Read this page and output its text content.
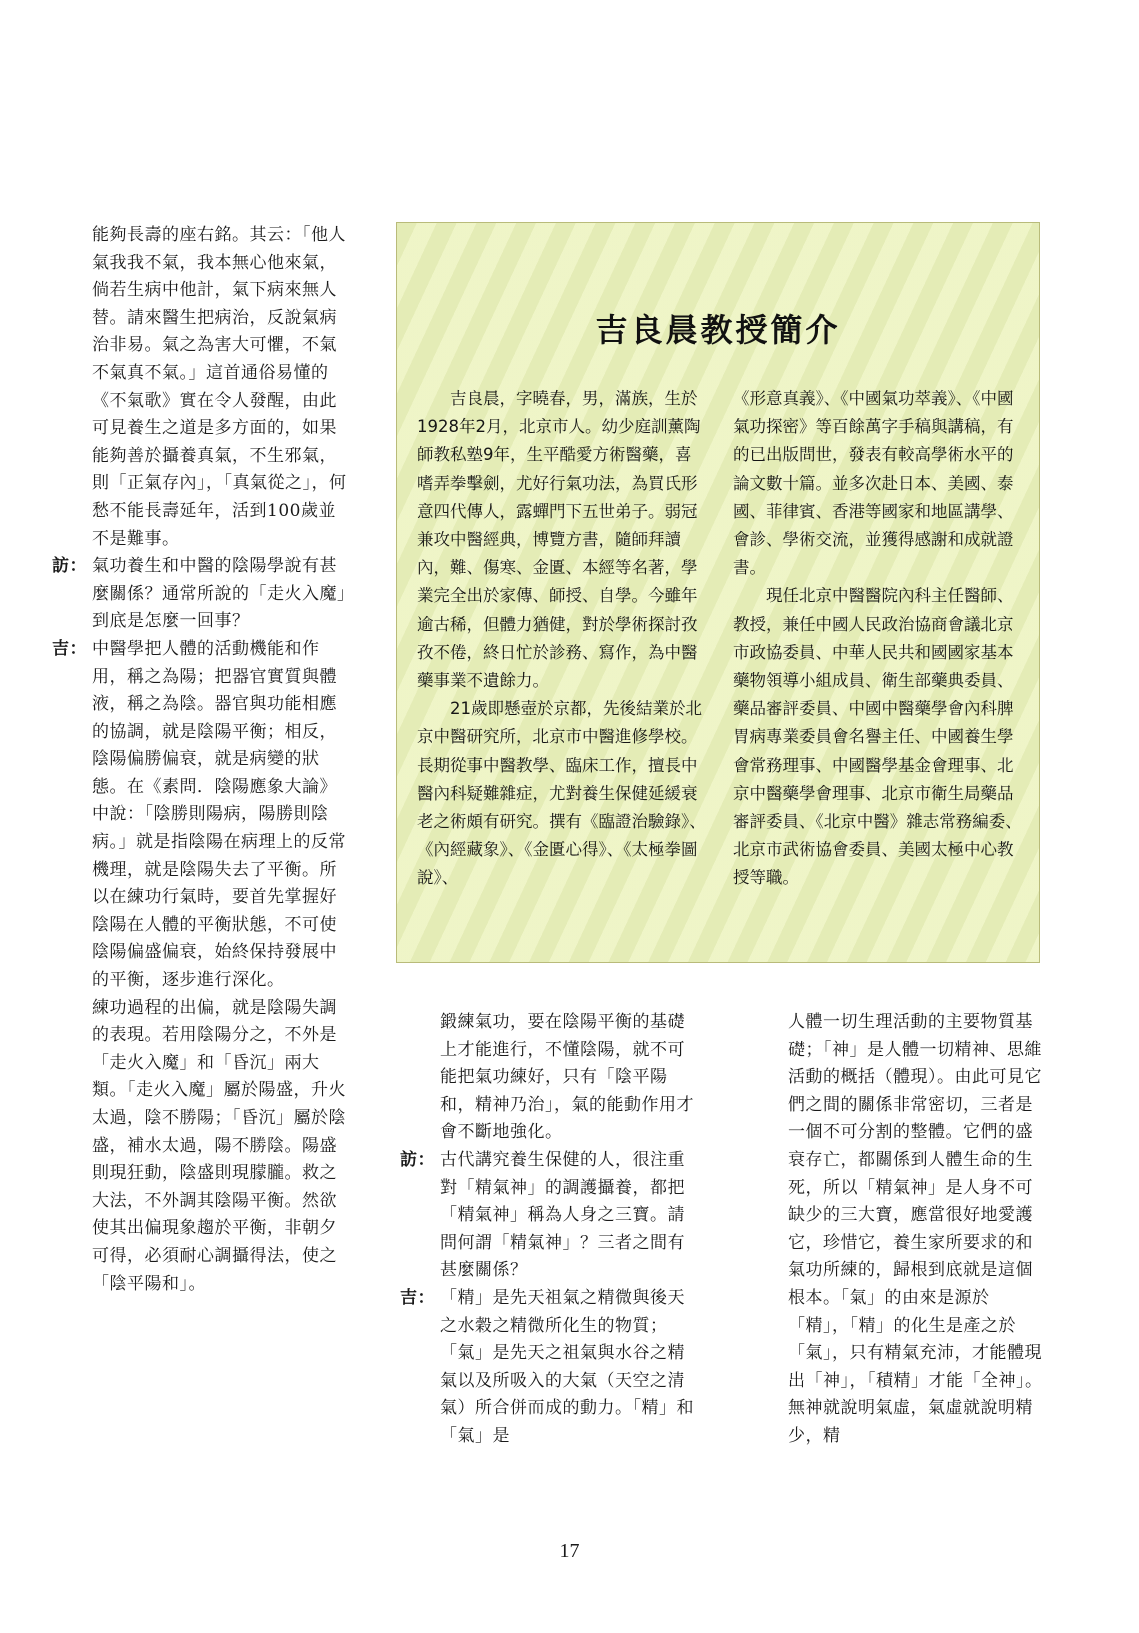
能夠長壽的座右銘。其云：「他人氣我我不氣，我本無心他來氣，倘若生病中他計，氣下病來無人替。請來醫生把病治，反說氣病治非易。氣之為害大可懼，不氣不氣真不氣。」這首通俗易懂的《不氣歌》實在令人發醒，由此可見養生之道是多方面的，如果能夠善於攝養真氣，不生邪氣，則「正氣存內」，「真氣從之」，何愁不能長壽延年，活到100歲並不是難事。

訪： 氣功養生和中醫的陰陽學說有甚麼關係？通常所說的「走火入魔」到底是怎麼一回事？

吉： 中醫學把人體的活動機能和作用，稱之為陽；把器官實質與體液，稱之為陰。器官與功能相應的協調，就是陰陽平衡；相反，陰陽偏勝偏衰，就是病變的狀態。在《素問．陰陽應象大論》中說：「陰勝則陽病，陽勝則陰病。」就是指陰陽在病理上的反常機理，就是陰陽失去了平衡。所以在練功行氣時，要首先掌握好陰陽在人體的平衡狀態，不可使陰陽偏盛偏衰，始終保持發展中的平衡，逐步進行深化。

練功過程的出偏，就是陰陽失調的表現。若用陰陽分之，不外是「走火入魔」和「昏沉」兩大類。「走火入魔」屬於陽盛，升火太過，陰不勝陽；「昏沉」屬於陰盛，補水太過，陽不勝陰。陽盛則現狂動，陰盛則現朦朧。救之大法，不外調其陰陽平衡。然欲使其出偏現象趨於平衡，非朝夕可得，必須耐心調攝得法，使之「陰平陽和」。

吉良晨教授簡介

吉良晨，字曉春，男，滿族，生於1928年2月，北京市人。幼少庭訓薰陶師教私塾9年，生平酷愛方術醫藥，喜嗜弄拳擊劍，尤好行氣功法，為買氏形意四代傳人，露蟬門下五世弟子。弱冠兼攻中醫經典，博覽方書，隨師拜讀內，難、傷寒、金匱、本經等名著，學業完全出於家傳、師授、自學。今雖年逾古稀，但體力猶健，對於學術探討孜孜不倦，終日忙於診務、寫作，為中醫藥事業不遺餘力。

21歲即懸壺於京都，先後結業於北京中醫研究所，北京市中醫進修學校。長期從事中醫教學、臨床工作，擅長中醫內科疑難雜症，尤對養生保健延緩衰老之術頗有研究。撰有《臨證治驗錄》、《內經藏象》、《金匱心得》、《太極拳圖說》、

《形意真義》、《中國氣功萃義》、《中國氣功探密》等百餘萬字手稿與講稿，有的已出版問世，發表有較高學術水平的論文數十篇。並多次赴日本、美國、泰國、菲律賓、香港等國家和地區講學、會診、學術交流，並獲得感謝和成就證書。

現任北京中醫醫院內科主任醫師、教授，兼任中國人民政治協商會議北京市政協委員、中華人民共和國國家基本藥物領導小組成員、衛生部藥典委員、藥品審評委員、中國中醫藥學會內科脾胃病專業委員會名譽主任、中國養生學會常務理事、中國醫學基金會理事、北京中醫藥學會理事、北京市衛生局藥品審評委員、《北京中醫》雜志常務編委、北京市武術協會委員、美國太極中心教授等職。

鍛練氣功，要在陰陽平衡的基礎上才能進行，不懂陰陽，就不可能把氣功練好，只有「陰平陽和，精神乃治」，氣的能動作用才會不斷地強化。

訪： 古代講究養生保健的人，很注重對「精氣神」的調護攝養，都把「精氣神」稱為人身之三寶。請問何謂「精氣神」？三者之間有甚麼關係？

吉： 「精」是先天祖氣之精微與後天之水穀之精微所化生的物質；「氣」是先天之祖氣與水谷之精氣以及所吸入的大氣（天空之清氣）所合併而成的動力。「精」和「氣」是

人體一切生理活動的主要物質基礎；「神」是人體一切精神、思維活動的概括（體現）。由此可見它們之間的關係非常密切，三者是一個不可分割的整體。它們的盛衰存亡，都關係到人體生命的生死，所以「精氣神」是人身不可缺少的三大寶，應當很好地愛護它，珍惜它，養生家所要求的和氣功所練的，歸根到底就是這個根本。「氣」的由來是源於「精」，「精」的化生是產之於「氣」，只有精氣充沛，才能體現出「神」，「積精」才能「全神」。無神就說明氣虛，氣虛就說明精少，精

17
